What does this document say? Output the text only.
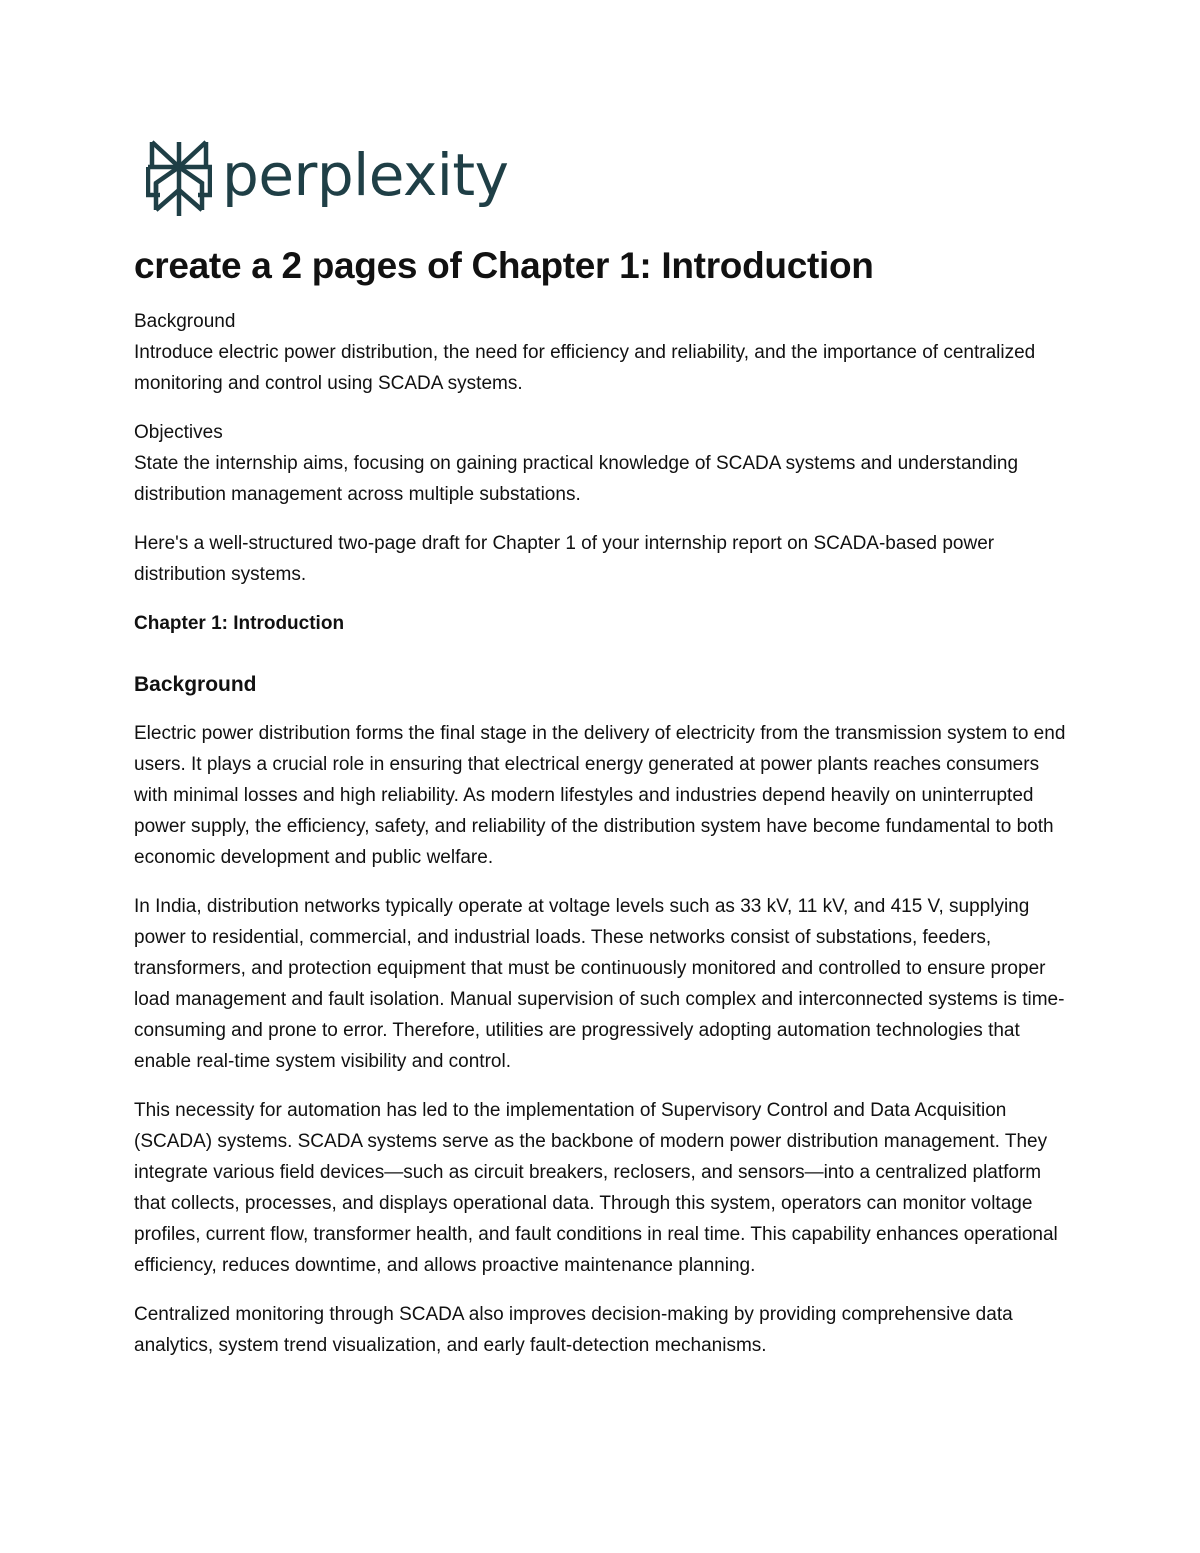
perplexity
create a 2 pages of Chapter 1: Introduction

Background
Introduce electric power distribution, the need for efficiency and reliability, and the importance of centralized monitoring and control using SCADA systems.

Objectives
State the internship aims, focusing on gaining practical knowledge of SCADA systems and understanding distribution management across multiple substations.

Here's a well-structured two-page draft for Chapter 1 of your internship report on SCADA-based power distribution systems.

Chapter 1: Introduction
Background

Electric power distribution forms the final stage in the delivery of electricity from the transmission system to end users. It plays a crucial role in ensuring that electrical energy generated at power plants reaches consumers with minimal losses and high reliability. As modern lifestyles and industries depend heavily on uninterrupted power supply, the efficiency, safety, and reliability of the distribution system have become fundamental to both economic development and public welfare.

In India, distribution networks typically operate at voltage levels such as 33 kV, 11 kV, and 415 V, supplying power to residential, commercial, and industrial loads. These networks consist of substations, feeders, transformers, and protection equipment that must be continuously monitored and controlled to ensure proper load management and fault isolation. Manual supervision of such complex and interconnected systems is time-consuming and prone to error. Therefore, utilities are progressively adopting automation technologies that enable real-time system visibility and control.

This necessity for automation has led to the implementation of Supervisory Control and Data Acquisition (SCADA) systems. SCADA systems serve as the backbone of modern power distribution management. They integrate various field devices—such as circuit breakers, reclosers, and sensors—into a centralized platform that collects, processes, and displays operational data. Through this system, operators can monitor voltage profiles, current flow, transformer health, and fault conditions in real time. This capability enhances operational efficiency, reduces downtime, and allows proactive maintenance planning.

Centralized monitoring through SCADA also improves decision-making by providing comprehensive data analytics, system trend visualization, and early fault-detection mechanisms.
